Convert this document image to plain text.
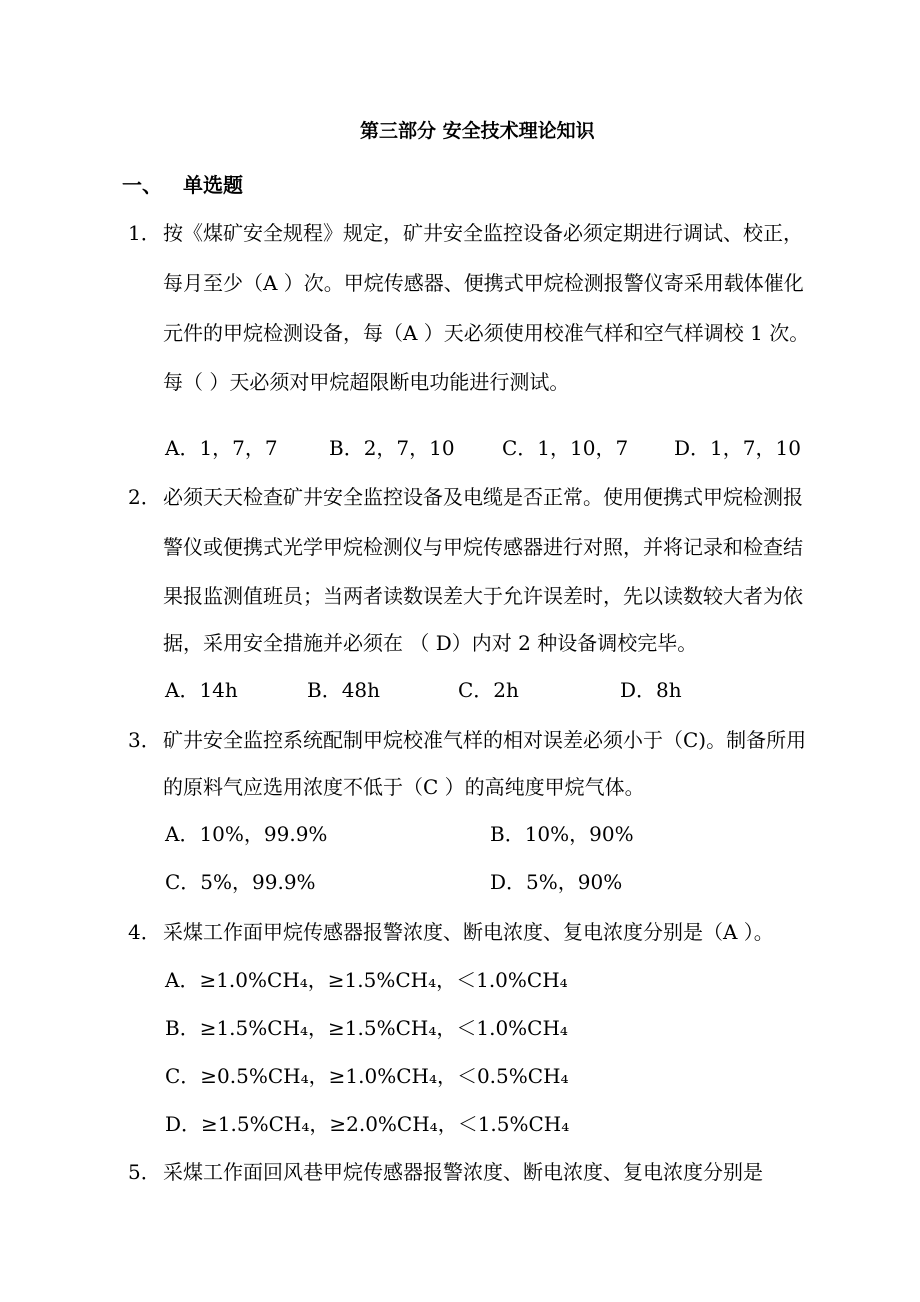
第三部分 安全技术理论知识
一、 单选题
1． 按《煤矿安全规程》规定，矿井安全监控设备必须定期进行调试、校正，
每月至少（A ）次。甲烷传感器、便携式甲烷检测报警仪寄采用载体催化
元件的甲烷检测设备，每（A ）天必须使用校准气样和空气样调校 1 次。
每（ ）天必须对甲烷超限断电功能进行测试。
A．1，7，7	B．2，7，10 C．1，10，7 D．1，7，10
2． 必须天天检查矿井安全监控设备及电缆是否正常。使用便携式甲烷检测报
警仪或便携式光学甲烷检测仪与甲烷传感器进行对照，并将记录和检查结
果报监测值班员；当两者读数误差大于允许误差时，先以读数较大者为依
据，采用安全措施并必须在 （ D）内对 2 种设备调校完毕。
A．14h	B．48h	C．2h	D．8h
3． 矿井安全监控系统配制甲烷校准气样的相对误差必须小于（C)。制备所用
的原料气应选用浓度不低于（C ）的高纯度甲烷气体。
A．10%，99.9%	B．10%，90%
C．5%，99.9%	D．5%，90%
4． 采煤工作面甲烷传感器报警浓度、断电浓度、复电浓度分别是（A ）。
A．≥1.0%CH₄，≥1.5%CH₄，＜1.0%CH₄
B．≥1.5%CH₄，≥1.5%CH₄，＜1.0%CH₄
C．≥0.5%CH₄，≥1.0%CH₄，＜0.5%CH₄
D．≥1.5%CH₄，≥2.0%CH₄，＜1.5%CH₄
5． 采煤工作面回风巷甲烷传感器报警浓度、断电浓度、复电浓度分别是
